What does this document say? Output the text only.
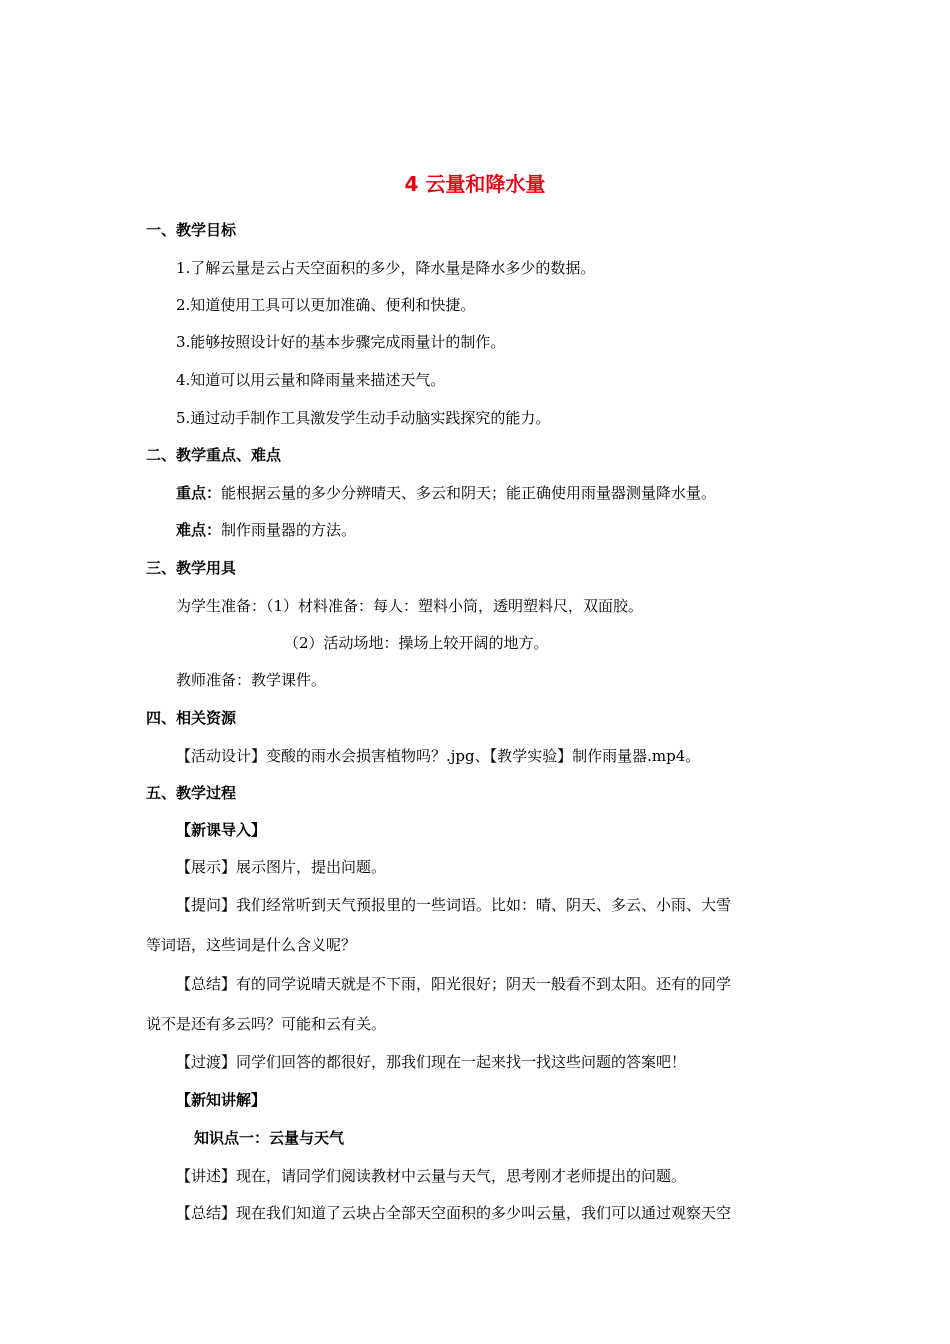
4 云量和降水量
一、教学目标
1.了解云量是云占天空面积的多少，降水量是降水多少的数据。
2.知道使用工具可以更加准确、便利和快捷。
3.能够按照设计好的基本步骤完成雨量计的制作。
4.知道可以用云量和降雨量来描述天气。
5.通过动手制作工具激发学生动手动脑实践探究的能力。
二、教学重点、难点
重点：能根据云量的多少分辨晴天、多云和阴天；能正确使用雨量器测量降水量。
难点：制作雨量器的方法。
三、教学用具
为学生准备：（1）材料准备：每人：塑料小筒，透明塑料尺，双面胶。
（2）活动场地：操场上较开阔的地方。
教师准备：教学课件。
四、相关资源
【活动设计】变酸的雨水会损害植物吗？.jpg、【教学实验】制作雨量器.mp4。
五、教学过程
【新课导入】
【展示】展示图片，提出问题。
【提问】我们经常听到天气预报里的一些词语。比如：晴、阴天、多云、小雨、大雪
等词语，这些词是什么含义呢？
【总结】有的同学说晴天就是不下雨，阳光很好；阴天一般看不到太阳。还有的同学
说不是还有多云吗？可能和云有关。
【过渡】同学们回答的都很好，那我们现在一起来找一找这些问题的答案吧！
【新知讲解】
知识点一：云量与天气
【讲述】现在，请同学们阅读教材中云量与天气，思考刚才老师提出的问题。
【总结】现在我们知道了云块占全部天空面积的多少叫云量，我们可以通过观察天空
